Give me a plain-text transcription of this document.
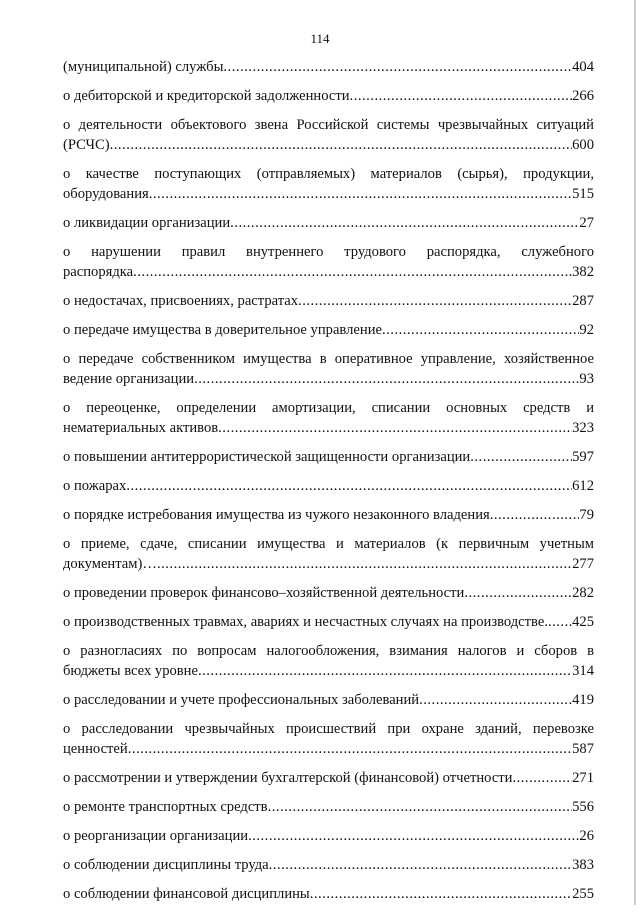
114
(муниципальной) службы .....	404
о дебиторской и кредиторской задолженности .....	266
о деятельности объектового звена Российской системы чрезвычайных ситуаций
(РСЧС) .....	600
о качестве поступающих (отправляемых) материалов (сырья), продукции,
оборудования .....	515
о ликвидации организации .....	27
о нарушении правил внутреннего трудового распорядка, служебного
распорядка .....	382
о недостачах, присвоениях, растратах .....	287
о передаче имущества в доверительное управление .....	92
о передаче собственником имущества в оперативное управление, хозяйственное
ведение организации .....	93
о переоценке, определении амортизации, списании основных средств и
нематериальных активов .....	323
о повышении антитеррористической защищенности организации .....	597
о пожарах .....	612
о порядке истребования имущества из чужого незаконного владения .....	79
о приеме, сдаче, списании имущества и материалов (к первичным учетным
документам)… .....	277
о проведении проверок финансово–хозяйственной деятельности .....	282
о производственных травмах, авариях и несчастных случаях на производстве. ..... 425
о разногласиях по вопросам налогообложения, взимания налогов и сборов в
бюджеты всех уровне .....	314
о расследовании и учете профессиональных заболеваний .....	419
о расследовании чрезвычайных происшествий при охране зданий, перевозке
ценностей .....	587
о рассмотрении и утверждении бухгалтерской (финансовой) отчетности .....	271
о ремонте транспортных средств .....	556
о реорганизации организации .....	26
о соблюдении дисциплины труда .....	383
о соблюдении финансовой дисциплины .....	255
